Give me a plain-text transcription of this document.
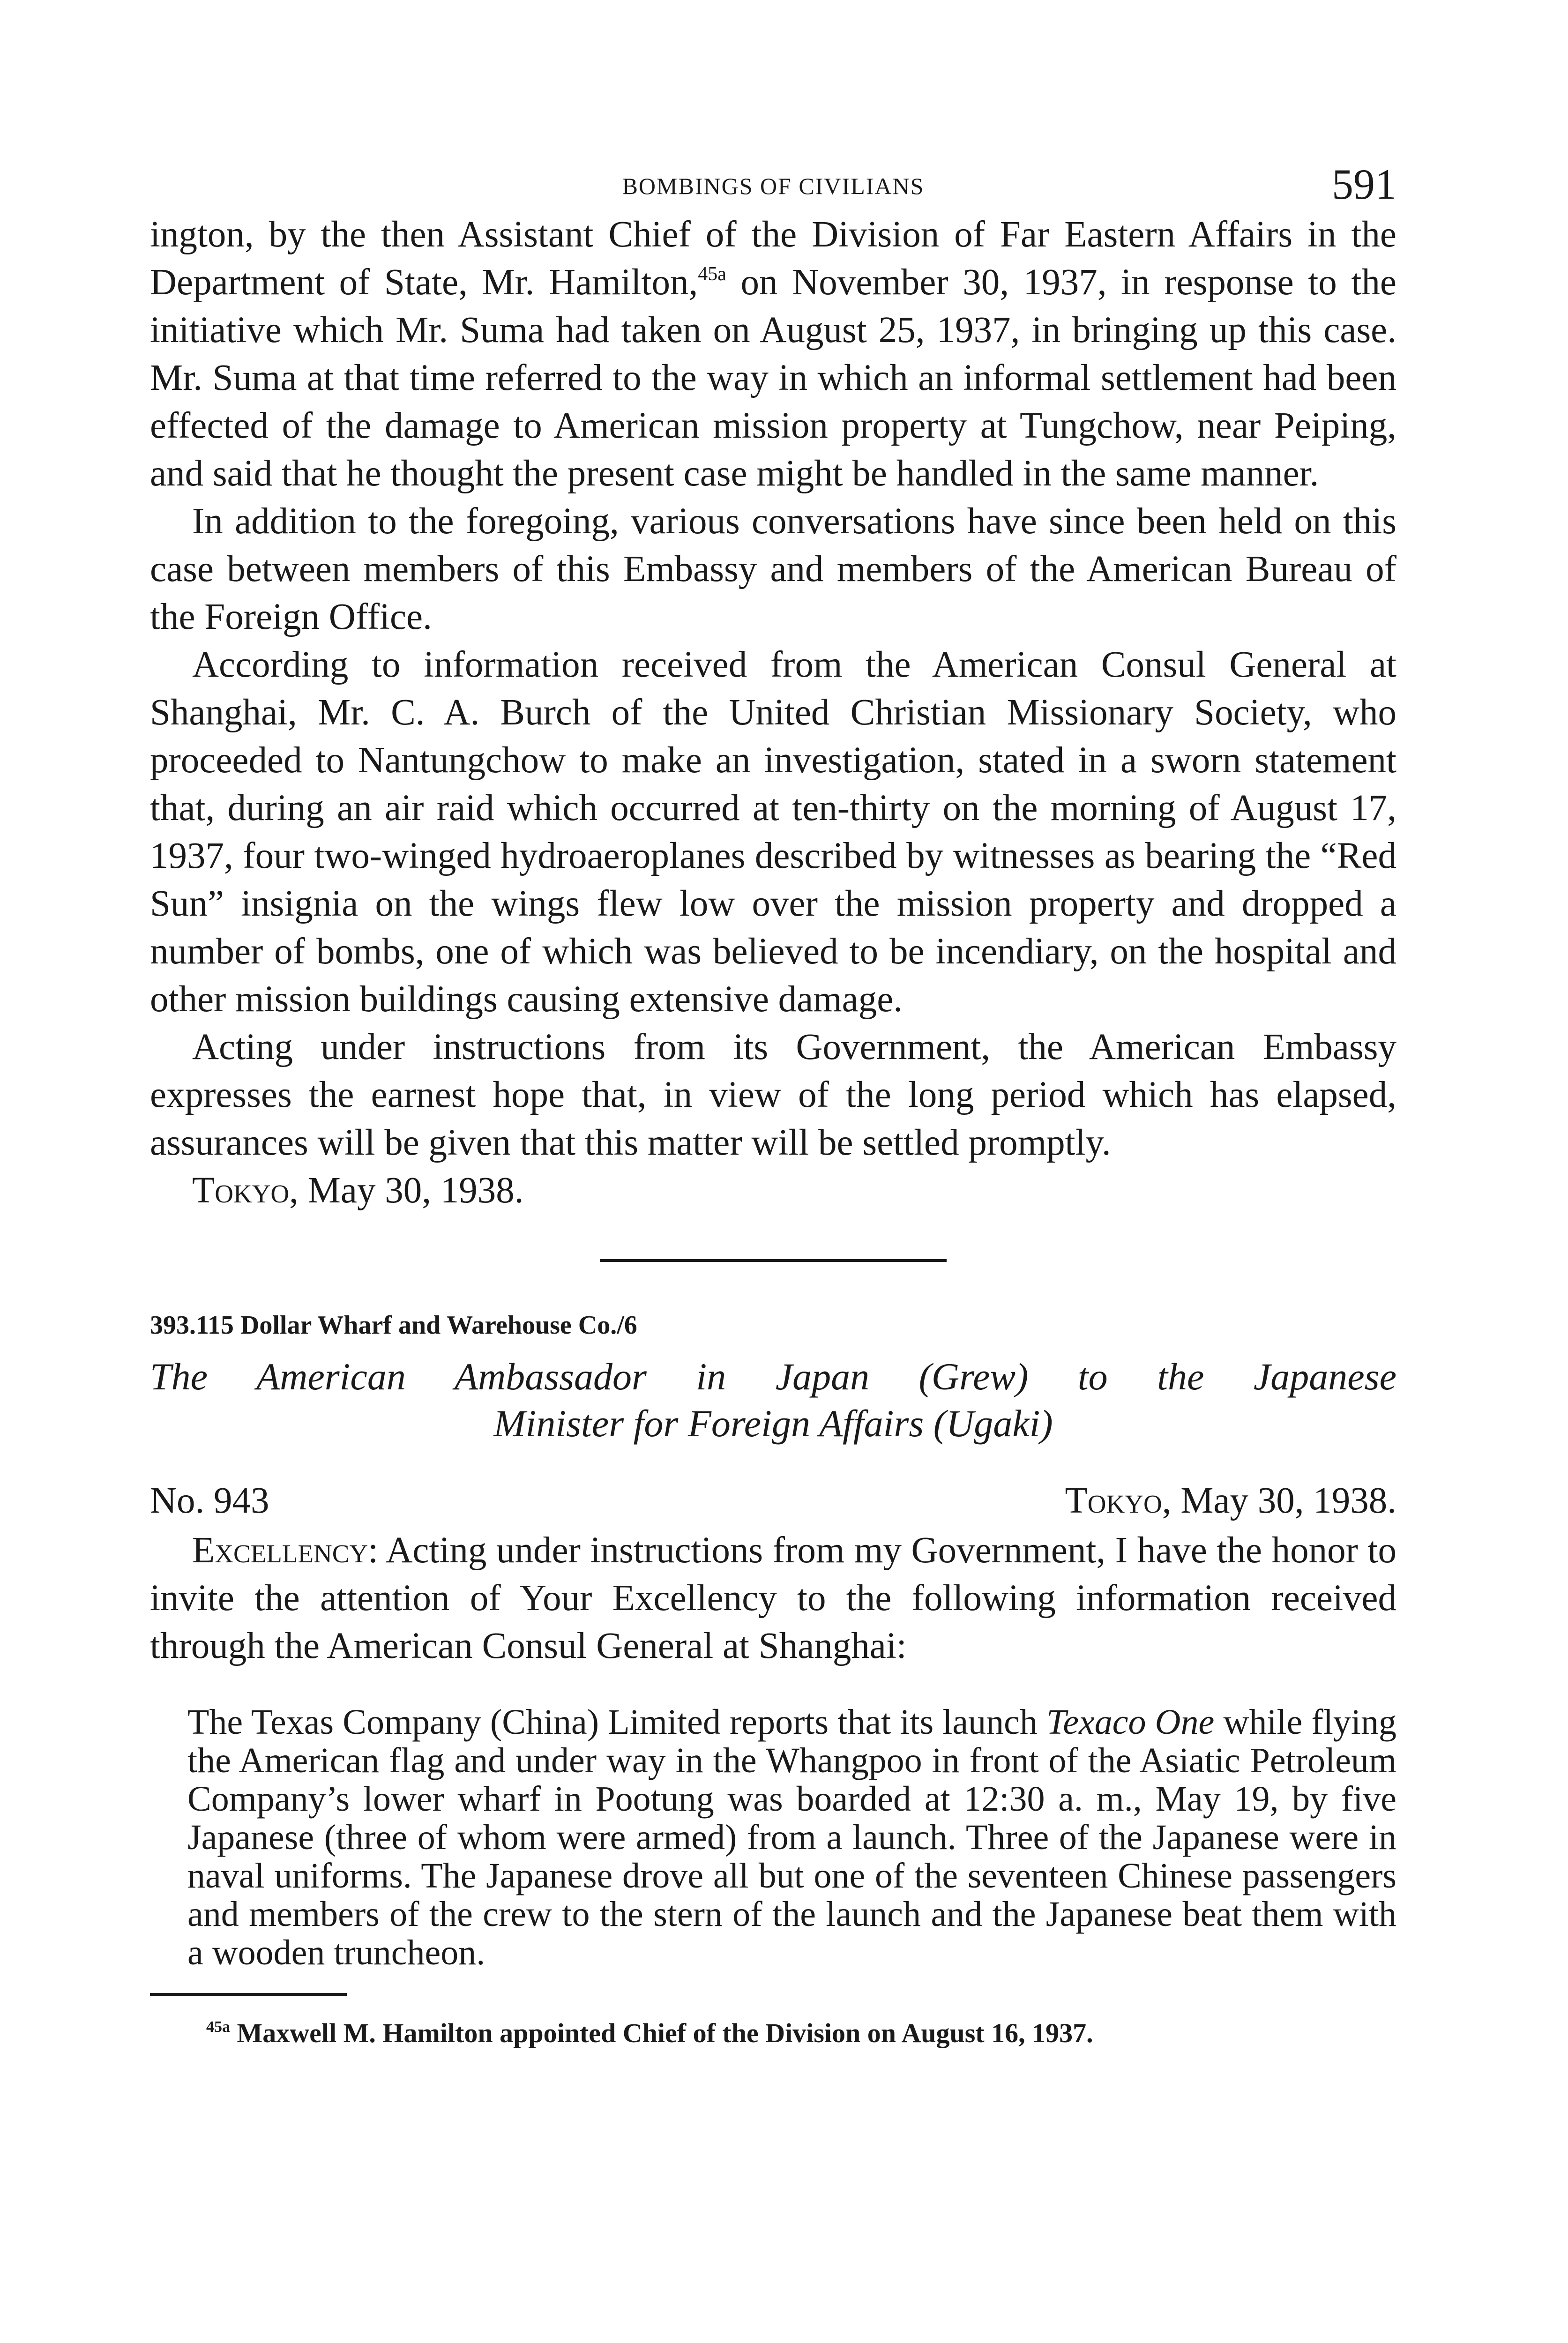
BOMBINGS OF CIVILIANS	591

ington, by the then Assistant Chief of the Division of Far Eastern Affairs in the Department of State, Mr. Hamilton,$^{45a}$ on November 30, 1937, in response to the initiative which Mr. Suma had taken on August 25, 1937, in bringing up this case. Mr. Suma at that time referred to the way in which an informal settlement had been effected of the damage to American mission property at Tungchow, near Peiping, and said that he thought the present case might be handled in the same manner.

In addition to the foregoing, various conversations have since been held on this case between members of this Embassy and members of the American Bureau of the Foreign Office.

According to information received from the American Consul General at Shanghai, Mr. C. A. Burch of the United Christian Missionary Society, who proceeded to Nantungchow to make an investigation, stated in a sworn statement that, during an air raid which occurred at ten-thirty on the morning of August 17, 1937, four two-winged hydroaeroplanes described by witnesses as bearing the “Red Sun” insignia on the wings flew low over the mission property and dropped a number of bombs, one of which was believed to be incendiary, on the hospital and other mission buildings causing extensive damage.

Acting under instructions from its Government, the American Embassy expresses the earnest hope that, in view of the long period which has elapsed, assurances will be given that this matter will be settled promptly.

Tokyo, May 30, 1938.

393.115 Dollar Wharf and Warehouse Co./6
The American Ambassador in Japan (Grew) to the Japanese
Minister for Foreign Affairs (Ugaki)
No. 943	Tokyo, May 30, 1938.

Excellency: Acting under instructions from my Government, I have the honor to invite the attention of Your Excellency to the following information received through the American Consul General at Shanghai:

The Texas Company (China) Limited reports that its launch Texaco One while flying the American flag and under way in the Whangpoo in front of the Asiatic Petroleum Company’s lower wharf in Pootung was boarded at 12:30 a. m., May 19, by five Japanese (three of whom were armed) from a launch. Three of the Japanese were in naval uniforms. The Japanese drove all but one of the seventeen Chinese passengers and members of the crew to the stern of the launch and the Japanese beat them with a wooden truncheon.

$^{45a}$ Maxwell M. Hamilton appointed Chief of the Division on August 16, 1937.
